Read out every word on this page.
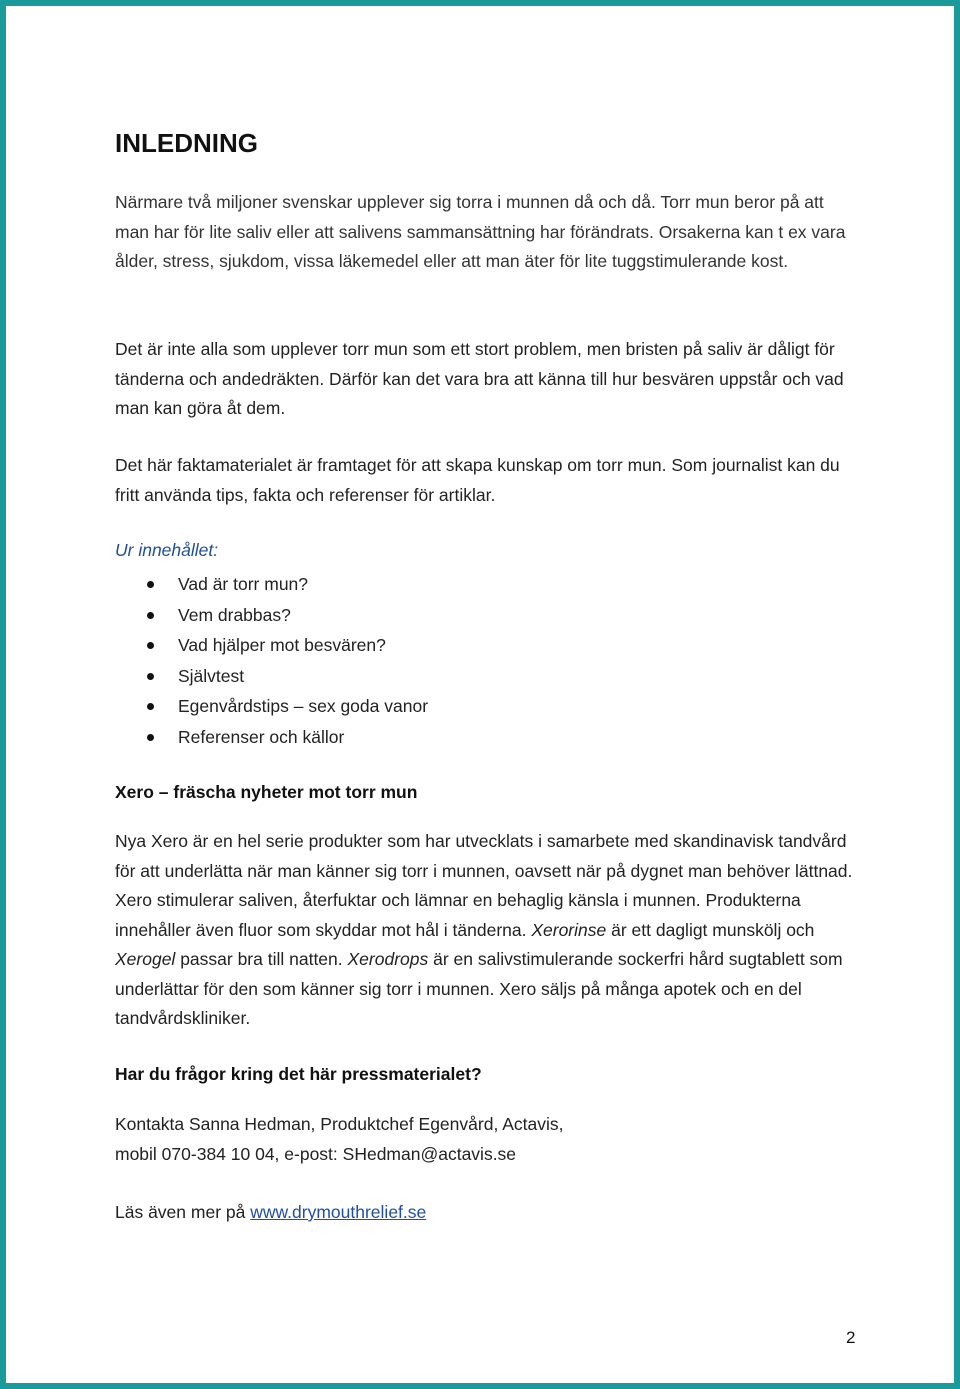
INLEDNING

Närmare två miljoner svenskar upplever sig torra i munnen då och då. Torr mun beror på att man har för lite saliv eller att salivens sammansättning har förändrats. Orsakerna kan t ex vara ålder, stress, sjukdom, vissa läkemedel eller att man äter för lite tuggstimulerande kost.

Det är inte alla som upplever torr mun som ett stort problem, men bristen på saliv är dåligt för tänderna och andedräkten. Därför kan det vara bra att känna till hur besvären uppstår och vad man kan göra åt dem.

Det här faktamaterialet är framtaget för att skapa kunskap om torr mun. Som journalist kan du fritt använda tips, fakta och referenser för artiklar.

Ur innehållet:
Vad är torr mun?
Vem drabbas?
Vad hjälper mot besvären?
Självtest
Egenvårdstips – sex goda vanor
Referenser och källor
Xero – fräscha nyheter mot torr mun

Nya Xero är en hel serie produkter som har utvecklats i samarbete med skandinavisk tandvård för att underlätta när man känner sig torr i munnen, oavsett när på dygnet man behöver lättnad. Xero stimulerar saliven, återfuktar och lämnar en behaglig känsla i munnen. Produkterna innehåller även fluor som skyddar mot hål i tänderna. Xerorinse är ett dagligt munskölj och Xerogel passar bra till natten. Xerodrops är en salivstimulerande sockerfri hård sugtablett som underlättar för den som känner sig torr i munnen. Xero säljs på många apotek och en del tandvårdskliniker.

Har du frågor kring det här pressmaterialet?

Kontakta Sanna Hedman, Produktchef Egenvård, Actavis,
mobil 070-384 10 04, e-post: SHedman@actavis.se

Läs även mer på www.drymouthrelief.se

2
